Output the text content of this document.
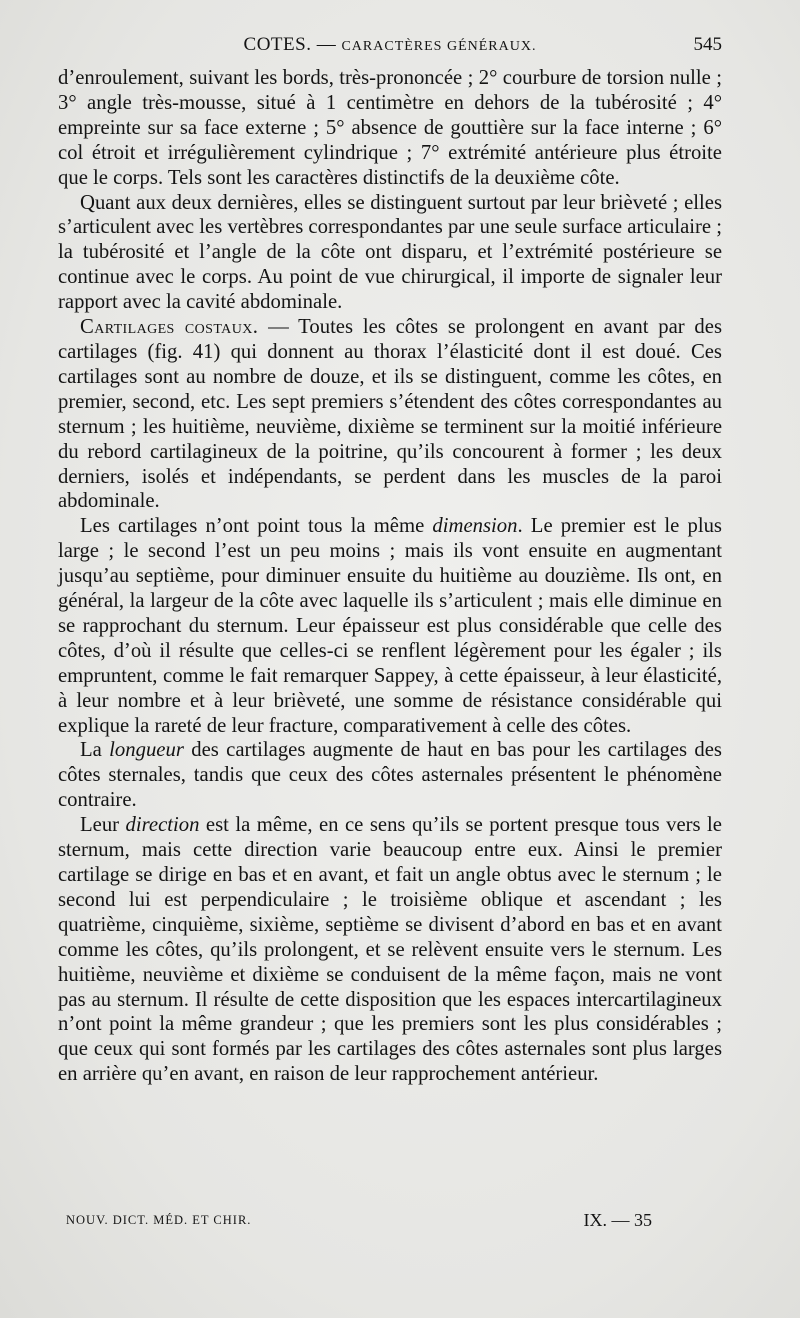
COTES. — CARACTÈRES GÉNÉRAUX.	545

d’enroulement, suivant les bords, très-prononcée ; 2° courbure de torsion nulle ; 3° angle très-mousse, situé à 1 centimètre en dehors de la tubérosité ; 4° empreinte sur sa face externe ; 5° absence de gouttière sur la face interne ; 6° col étroit et irrégulièrement cylindrique ; 7° extrémité antérieure plus étroite que le corps. Tels sont les caractères distinctifs de la deuxième côte.

Quant aux deux dernières, elles se distinguent surtout par leur brièveté ; elles s’articulent avec les vertèbres correspondantes par une seule surface articulaire ; la tubérosité et l’angle de la côte ont disparu, et l’extrémité postérieure se continue avec le corps. Au point de vue chirurgical, il importe de signaler leur rapport avec la cavité abdominale.

Cartilages costaux. — Toutes les côtes se prolongent en avant par des cartilages (fig. 41) qui donnent au thorax l’élasticité dont il est doué. Ces cartilages sont au nombre de douze, et ils se distinguent, comme les côtes, en premier, second, etc. Les sept premiers s’étendent des côtes correspondantes au sternum ; les huitième, neuvième, dixième se terminent sur la moitié inférieure du rebord cartilagineux de la poitrine, qu’ils concourent à former ; les deux derniers, isolés et indépendants, se perdent dans les muscles de la paroi abdominale.

Les cartilages n’ont point tous la même dimension. Le premier est le plus large ; le second l’est un peu moins ; mais ils vont ensuite en augmentant jusqu’au septième, pour diminuer ensuite du huitième au douzième. Ils ont, en général, la largeur de la côte avec laquelle ils s’articulent ; mais elle diminue en se rapprochant du sternum. Leur épaisseur est plus considérable que celle des côtes, d’où il résulte que celles-ci se renflent légèrement pour les égaler ; ils empruntent, comme le fait remarquer Sappey, à cette épaisseur, à leur élasticité, à leur nombre et à leur brièveté, une somme de résistance considérable qui explique la rareté de leur fracture, comparativement à celle des côtes.

La longueur des cartilages augmente de haut en bas pour les cartilages des côtes sternales, tandis que ceux des côtes asternales présentent le phénomène contraire.

Leur direction est la même, en ce sens qu’ils se portent presque tous vers le sternum, mais cette direction varie beaucoup entre eux. Ainsi le premier cartilage se dirige en bas et en avant, et fait un angle obtus avec le sternum ; le second lui est perpendiculaire ; le troisième oblique et ascendant ; les quatrième, cinquième, sixième, septième se divisent d’abord en bas et en avant comme les côtes, qu’ils prolongent, et se relèvent ensuite vers le sternum. Les huitième, neuvième et dixième se conduisent de la même façon, mais ne vont pas au sternum. Il résulte de cette disposition que les espaces intercartilagineux n’ont point la même grandeur ; que les premiers sont les plus considérables ; que ceux qui sont formés par les cartilages des côtes asternales sont plus larges en arrière qu’en avant, en raison de leur rapprochement antérieur.

NOUV. DICT. MÉD. ET CHIR.	IX. — 35
